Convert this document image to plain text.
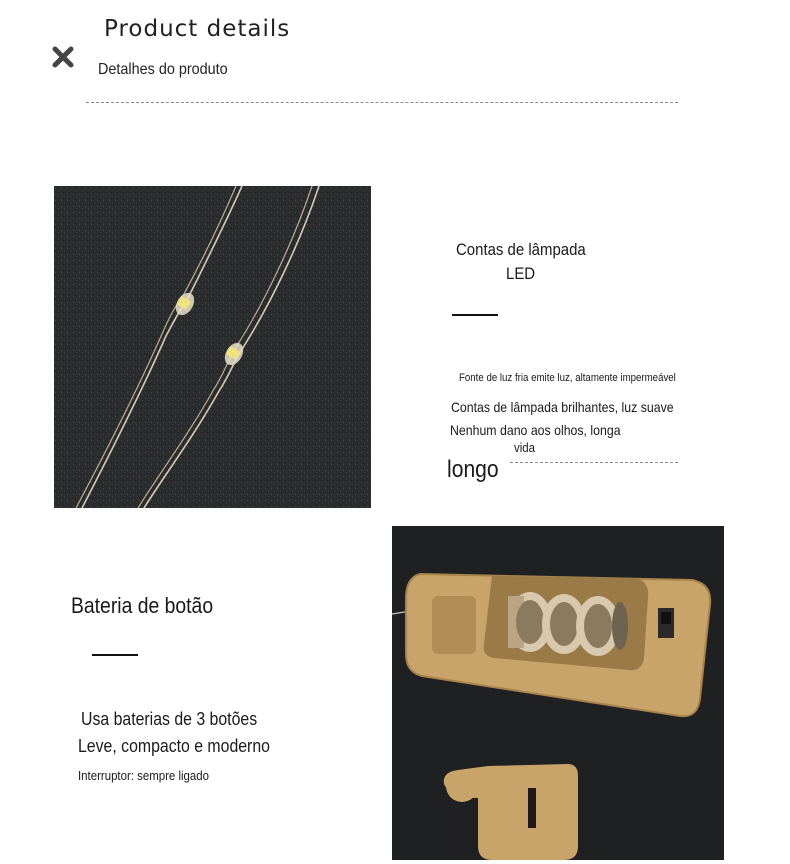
Product details
Detalhes do produto
Contas de lâmpada
LED
Fonte de luz fria emite luz, altamente impermeável
Contas de lâmpada brilhantes, luz suave
Nenhum dano aos olhos, longa
vida
longo
Bateria de botão
Usa baterias de 3 botões
Leve, compacto e moderno
Interruptor: sempre ligado
